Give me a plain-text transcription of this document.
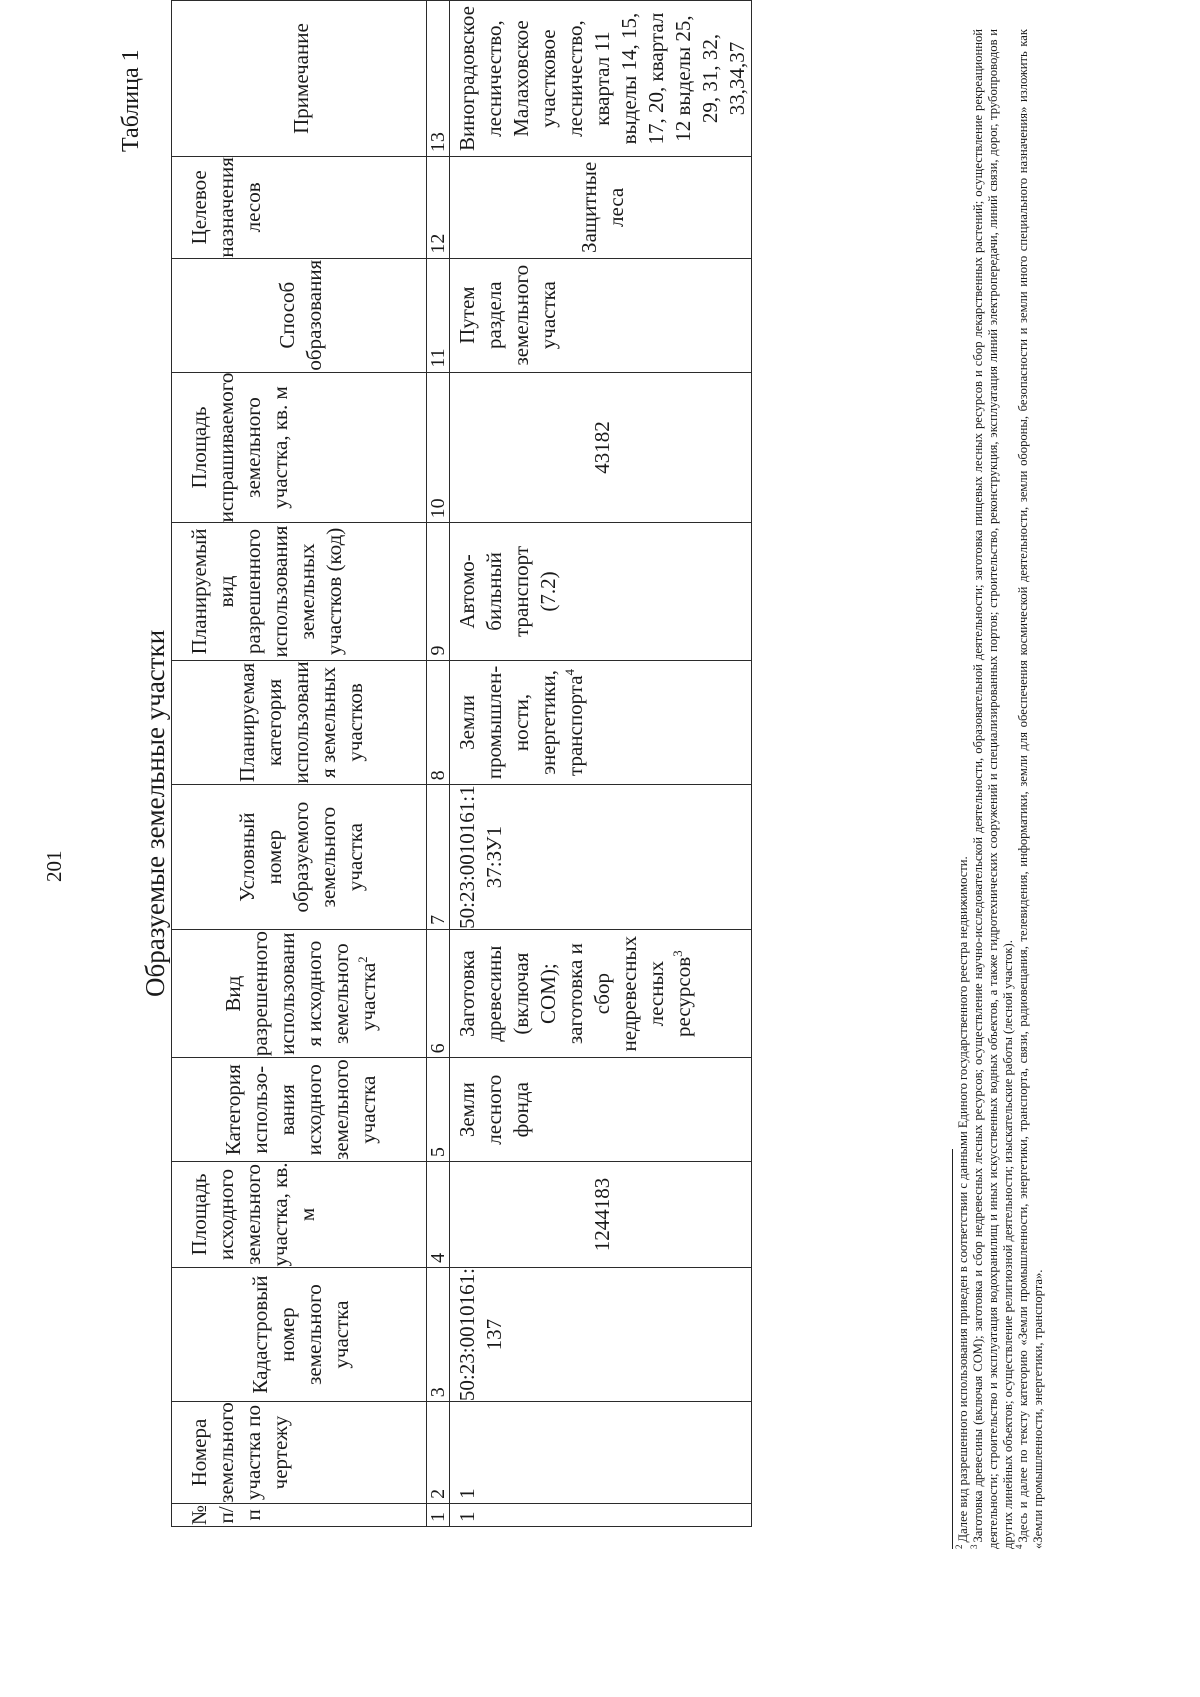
201
Таблица 1
Образуемые земельные участки
№ п/п	Номера земельного участка по чертежу	Кадастровый номер земельного участка	Площадь исходного земельного участка, кв. м	Категория использо-вания исходного земельного участка	Вид разрешенного использовани я исходного земельного участка$^2$	Условный номер образуемого земельного участка	Планируемая категория использовани я земельных участков	Планируемый вид разрешенного использования земельных участков (код)	Площадь испрашиваемого земельного участка, кв. м	Способ образования	Целевое назначения лесов	Примечание
1	2	3	4	5	6	7	8	9	10	11	12	13
1	1	50:23:0010161: 137	1244183	Земли лесного фонда	Заготовка древесины (включая СОМ); заготовка и сбор недревесных лесных ресурсов$^3$	50:23:0010161:1 37:ЗУ1	Земли промышлен-ности, энергетики, транспорта$^4$	Автомо-бильный транспорт (7.2)	43182	Путем раздела земельного участка	Защитные леса	Виноградовское лесничество, Малаховское участковое лесничество, квартал 11 выделы 14, 15, 17, 20, квартал 12 выделы 25, 29, 31, 32, 33,34,37

$^2$Далее вид разрешенного использования приведен в соответствии с данными Единого государственного реестра недвижимости.

$^3$Заготовка древесины (включая СОМ); заготовка и сбор недревесных лесных ресурсов; осуществление научно-исследовательской деятельности, образовательной деятельности; заготовка пищевых лесных ресурсов и сбор лекарственных растений; осуществление рекреационной деятельности; строительство и эксплуатация водохранилищ и иных искусственных водных объектов, а также гидротехнических сооружений и специализированных портов; строительство, реконструкция, эксплуатация линий электропередачи, линий связи, дорог, трубопроводов и других линейных объектов; осуществление религиозной деятельности; изыскательские работы (лесной участок).

$^4$Здесь и далее по тексту категорию «Земли промышленности, энергетики, транспорта, связи, радиовещания, телевидения, информатики, земли для обеспечения космической деятельности, земли обороны, безопасности и земли иного специального назначения» изложить как «Земли промышленности, энергетики, транспорта».
